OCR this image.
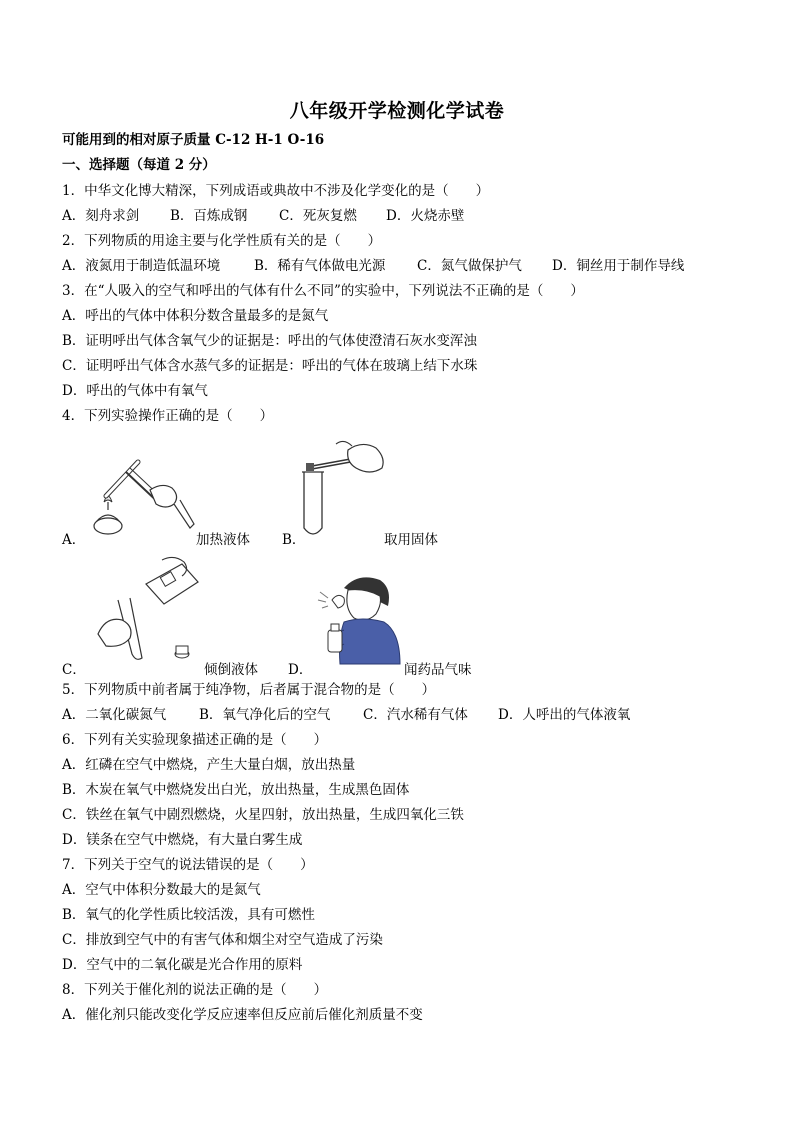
八年级开学检测化学试卷
可能用到的相对原子质量 C-12 H-1 O-16
一、选择题（每道 2 分）
1．中华文化博大精深，下列成语或典故中不涉及化学变化的是（　　）
A．刻舟求剑	B．百炼成钢	C．死灰复燃	D．火烧赤壁
2．下列物质的用途主要与化学性质有关的是（　　）
A．液氮用于制造低温环境	B．稀有气体做电光源	C．氮气做保护气	D．铜丝用于制作导线
3．在“人吸入的空气和呼出的气体有什么不同”的实验中，下列说法不正确的是（　　）
A．呼出的气体中体积分数含量最多的是氮气
B．证明呼出气体含氧气少的证据是：呼出的气体使澄清石灰水变浑浊
C．证明呼出气体含水蒸气多的证据是：呼出的气体在玻璃上结下水珠
D．呼出的气体中有氧气
4．下列实验操作正确的是（　　）
A．	加热液体 B．	取用固体
C．	倾倒液体 D．	闻药品气味
5．下列物质中前者属于纯净物，后者属于混合物的是（　　）
A．二氧化碳氮气	B．氧气净化后的空气	C．汽水稀有气体	D．人呼出的气体液氧
6．下列有关实验现象描述正确的是（　　）
A．红磷在空气中燃烧，产生大量白烟，放出热量
B．木炭在氧气中燃烧发出白光，放出热量，生成黑色固体
C．铁丝在氧气中剧烈燃烧，火星四射，放出热量，生成四氧化三铁
D．镁条在空气中燃烧，有大量白雾生成
7．下列关于空气的说法错误的是（　　）
A．空气中体积分数最大的是氮气
B．氧气的化学性质比较活泼，具有可燃性
C．排放到空气中的有害气体和烟尘对空气造成了污染
D．空气中的二氧化碳是光合作用的原料
8．下列关于催化剂的说法正确的是（　　）
A．催化剂只能改变化学反应速率但反应前后催化剂质量不变
